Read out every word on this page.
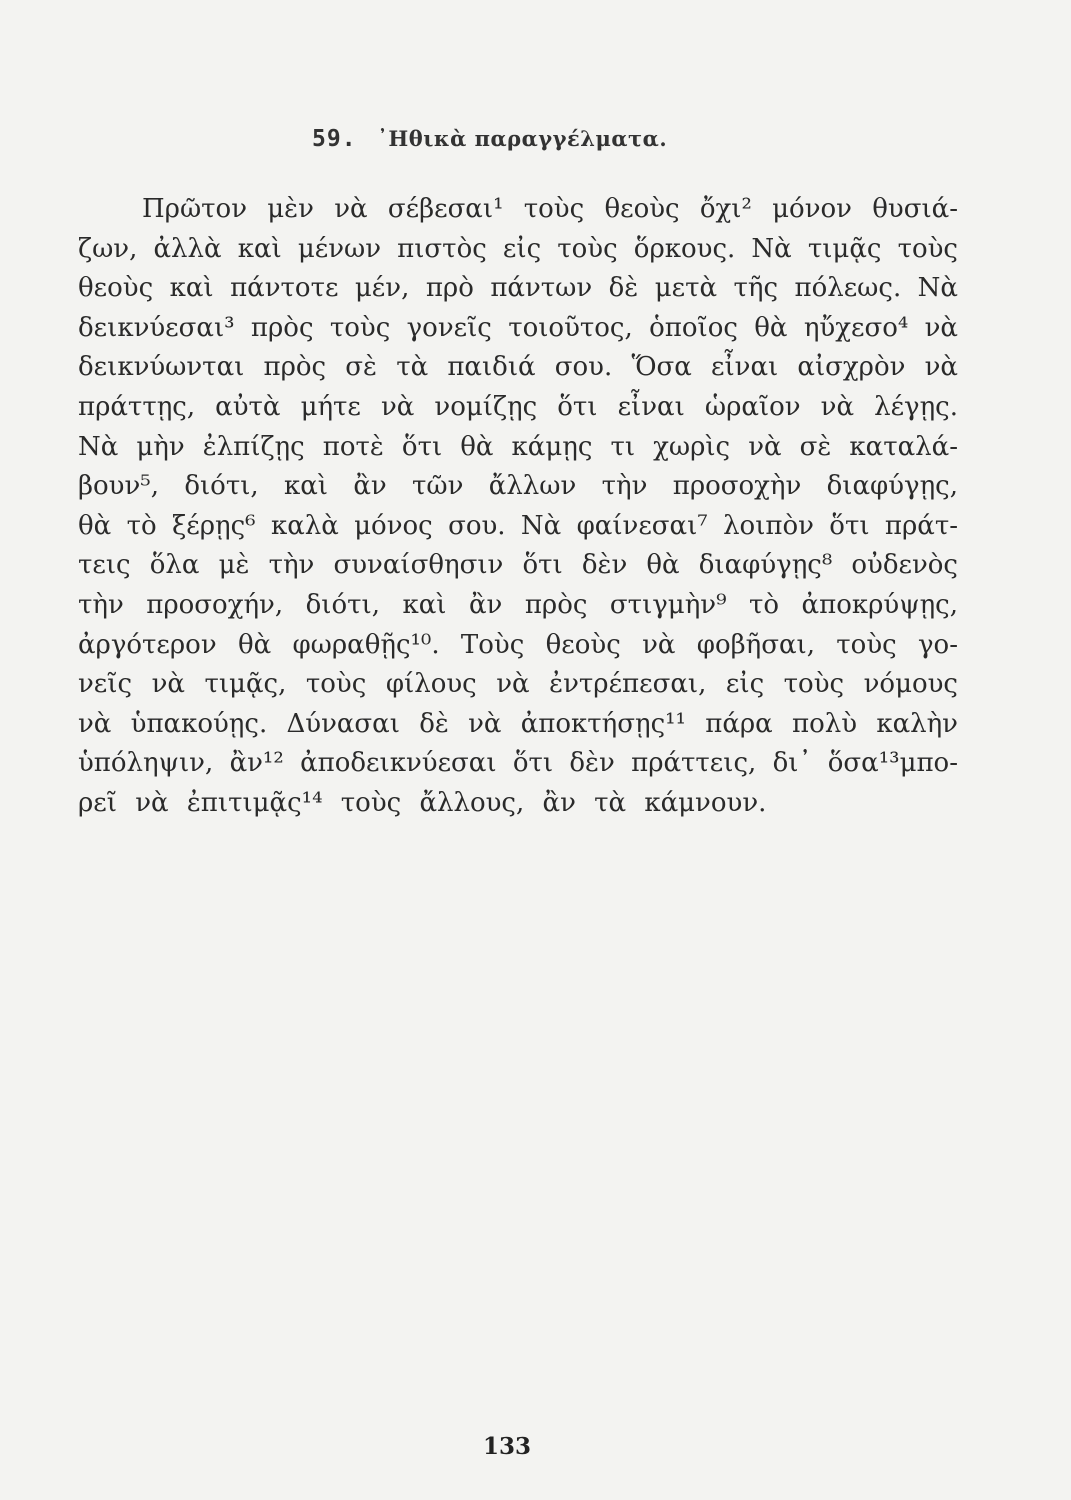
59. ᾿Ηθικὰ παραγγέλματα.
Πρῶτον μὲν νὰ σέβεσαι¹ τοὺς θεοὺς ὄχι² μόνον θυσιά-
ζων, ἀλλὰ καὶ μένων πιστὸς εἰς τοὺς ὅρκους. Νὰ τιμᾷς τοὺς
θεοὺς καὶ πάντοτε μέν, πρὸ πάντων δὲ μετὰ τῆς πόλεως. Νὰ
δεικνύεσαι³ πρὸς τοὺς γονεῖς τοιοῦτος, ὁποῖος θὰ ηὔχεσο⁴ νὰ
δεικνύωνται πρὸς σὲ τὰ παιδιά σου. Ὅσα εἶναι αἰσχρὸν νὰ
πράττῃς, αὐτὰ μήτε νὰ νομίζῃς ὅτι εἶναι ὡραῖον νὰ λέγῃς.
Νὰ μὴν ἐλπίζῃς ποτὲ ὅτι θὰ κάμῃς τι χωρὶς νὰ σὲ καταλά-
βουν⁵, διότι, καὶ ἂν τῶν ἄλλων τὴν προσοχὴν διαφύγῃς,
θὰ τὸ ξέρῃς⁶ καλὰ μόνος σου. Νὰ φαίνεσαι⁷ λοιπὸν ὅτι πράτ-
τεις ὅλα μὲ τὴν συναίσθησιν ὅτι δὲν θὰ διαφύγῃς⁸ οὐδενὸς
τὴν προσοχήν, διότι, καὶ ἂν πρὸς στιγμὴν⁹ τὸ ἀποκρύψῃς,
ἀργότερον θὰ φωραθῇς¹⁰. Τοὺς θεοὺς νὰ φοβῆσαι, τοὺς γο-
νεῖς νὰ τιμᾷς, τοὺς φίλους νὰ ἐντρέπεσαι, εἰς τοὺς νόμους
νὰ ὑπακούῃς. Δύνασαι δὲ νὰ ἀποκτήσῃς¹¹ πάρα πολὺ καλὴν
ὑπόληψιν, ἂν¹² ἀποδεικνύεσαι ὅτι δὲν πράττεις, δι᾿ ὅσα¹³μπο-
ρεῖ νὰ ἐπιτιμᾷς¹⁴ τοὺς ἄλλους, ἂν τὰ κάμνουν.
133
